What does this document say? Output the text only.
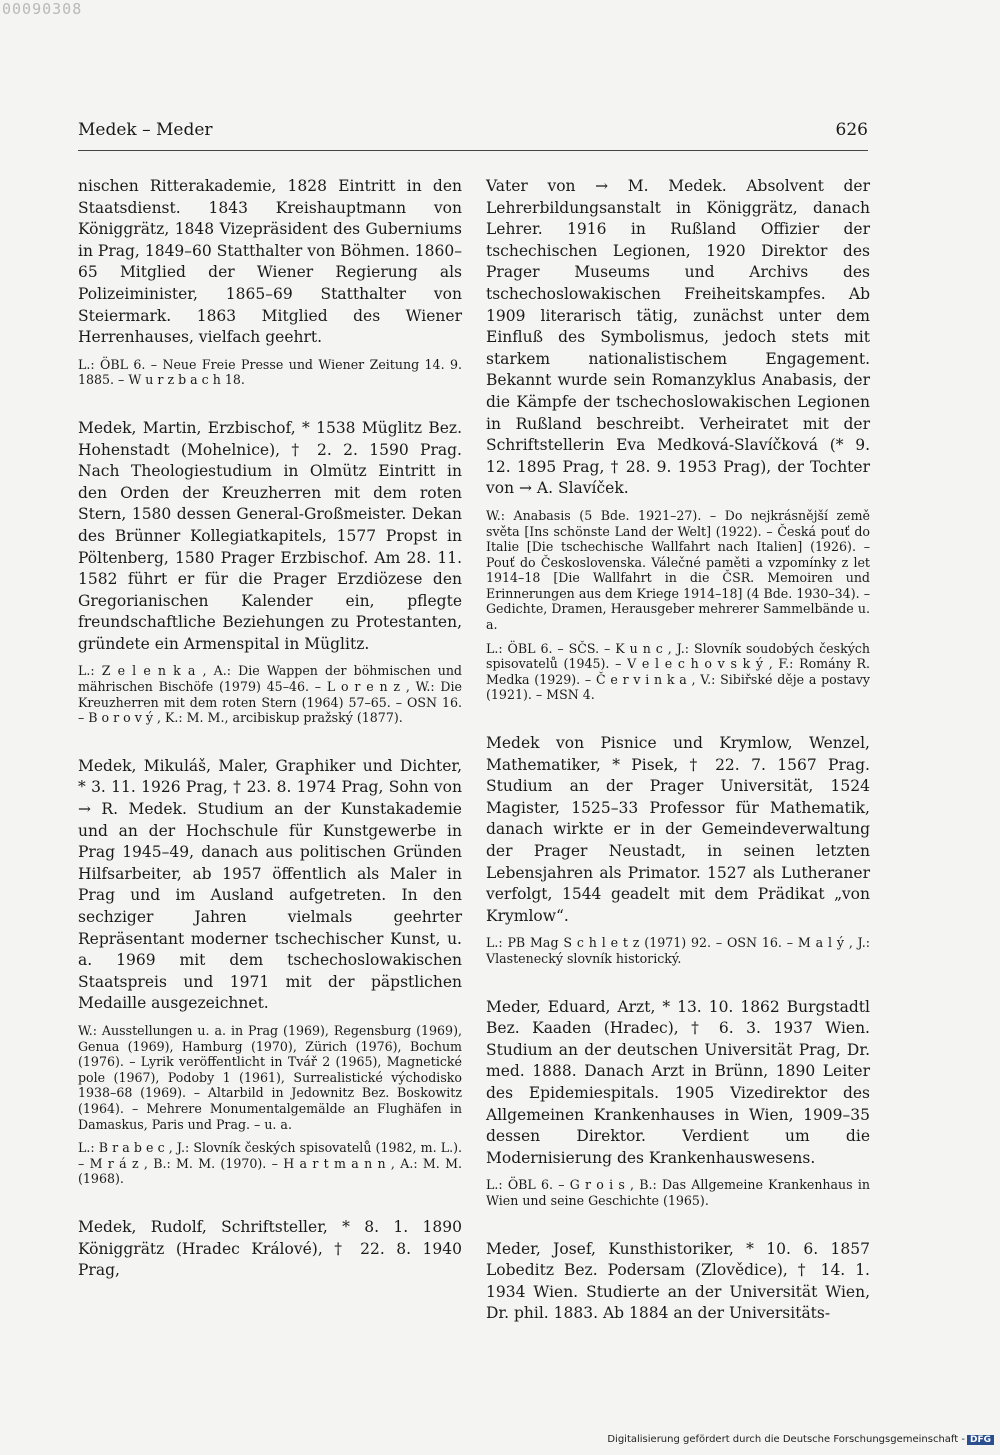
00090308
Medek – Meder	626

nischen Ritterakademie, 1828 Eintritt in den Staatsdienst. 1843 Kreishauptmann von Königgrätz, 1848 Vizepräsident des Guberniums in Prag, 1849–60 Statthalter von Böhmen. 1860–65 Mitglied der Wiener Regierung als Polizeiminister, 1865–69 Statthalter von Steiermark. 1863 Mitglied des Wiener Herrenhauses, vielfach geehrt.

L.: ÖBL 6. – Neue Freie Presse und Wiener Zeitung 14. 9. 1885. – W u r z b a c h 18.

Medek, Martin, Erzbischof, * 1538 Müglitz Bez. Hohenstadt (Mohelnice), † 2. 2. 1590 Prag. Nach Theologiestudium in Olmütz Eintritt in den Orden der Kreuzherren mit dem roten Stern, 1580 dessen General-Großmeister. Dekan des Brünner Kollegiatkapitels, 1577 Propst in Pöltenberg, 1580 Prager Erzbischof. Am 28. 11. 1582 führt er für die Prager Erzdiözese den Gregorianischen Kalender ein, pflegte freundschaftliche Beziehungen zu Protestanten, gründete ein Armenspital in Müglitz.

L.: Z e l e n k a , A.: Die Wappen der böhmischen und mährischen Bischöfe (1979) 45–46. – L o r e n z , W.: Die Kreuzherren mit dem roten Stern (1964) 57–65. – OSN 16. – B o r o v ý , K.: M. M., arcibiskup pražský (1877).

Medek, Mikuláš, Maler, Graphiker und Dichter, * 3. 11. 1926 Prag, † 23. 8. 1974 Prag, Sohn von → R. Medek. Studium an der Kunstakademie und an der Hochschule für Kunstgewerbe in Prag 1945–49, danach aus politischen Gründen Hilfsarbeiter, ab 1957 öffentlich als Maler in Prag und im Ausland aufgetreten. In den sechziger Jahren vielmals geehrter Repräsentant moderner tschechischer Kunst, u. a. 1969 mit dem tschechoslowakischen Staatspreis und 1971 mit der päpstlichen Medaille ausgezeichnet.

W.: Ausstellungen u. a. in Prag (1969), Regensburg (1969), Genua (1969), Hamburg (1970), Zürich (1976), Bochum (1976). – Lyrik veröffentlicht in Tvář 2 (1965), Magnetické pole (1967), Podoby 1 (1961), Surrealistické východisko 1938–68 (1969). – Altarbild in Jedownitz Bez. Boskowitz (1964). – Mehrere Monumentalgemälde an Flughäfen in Damaskus, Paris und Prag. – u. a.

L.: B r a b e c , J.: Slovník českých spisovatelů (1982, m. L.). – M r á z , B.: M. M. (1970). – H a r t m a n n , A.: M. M. (1968).

Medek, Rudolf, Schriftsteller, * 8. 1. 1890 Königgrätz (Hradec Králové), † 22. 8. 1940 Prag,

Vater von → M. Medek. Absolvent der Lehrerbildungsanstalt in Königgrätz, danach Lehrer. 1916 in Rußland Offizier der tschechischen Legionen, 1920 Direktor des Prager Museums und Archivs des tschechoslowakischen Freiheitskampfes. Ab 1909 literarisch tätig, zunächst unter dem Einfluß des Symbolismus, jedoch stets mit starkem nationalistischem Engagement. Bekannt wurde sein Romanzyklus Anabasis, der die Kämpfe der tschechoslowakischen Legionen in Rußland beschreibt. Verheiratet mit der Schriftstellerin Eva Medková-Slavíčková (* 9. 12. 1895 Prag, † 28. 9. 1953 Prag), der Tochter von → A. Slavíček.

W.: Anabasis (5 Bde. 1921–27). – Do nejkrásnější země světa [Ins schönste Land der Welt] (1922). – Česká pouť do Italie [Die tschechische Wallfahrt nach Italien] (1926). – Pouť do Československa. Válečné paměti a vzpomínky z let 1914–18 [Die Wallfahrt in die ČSR. Memoiren und Erinnerungen aus dem Kriege 1914–18] (4 Bde. 1930–34). – Gedichte, Dramen, Herausgeber mehrerer Sammelbände u. a.

L.: ÖBL 6. – SČS. – K u n c , J.: Slovník soudobých českých spisovatelů (1945). – V e l e c h o v s k ý , F.: Romány R. Medka (1929). – Č e r v i n k a , V.: Sibiřské děje a postavy (1921). – MSN 4.

Medek von Pisnice und Krymlow, Wenzel, Mathematiker, * Pisek, † 22. 7. 1567 Prag. Studium an der Prager Universität, 1524 Magister, 1525–33 Professor für Mathematik, danach wirkte er in der Gemeindeverwaltung der Prager Neustadt, in seinen letzten Lebensjahren als Primator. 1527 als Lutheraner verfolgt, 1544 geadelt mit dem Prädikat „von Krymlow“.

L.: PB Mag S c h l e t z (1971) 92. – OSN 16. – M a l ý , J.: Vlastenecký slovník historický.

Meder, Eduard, Arzt, * 13. 10. 1862 Burgstadtl Bez. Kaaden (Hradec), † 6. 3. 1937 Wien. Studium an der deutschen Universität Prag, Dr. med. 1888. Danach Arzt in Brünn, 1890 Leiter des Epidemiespitals. 1905 Vizedirektor des Allgemeinen Krankenhauses in Wien, 1909–35 dessen Direktor. Verdient um die Modernisierung des Krankenhauswesens.

L.: ÖBL 6. – G r o i s , B.: Das Allgemeine Krankenhaus in Wien und seine Geschichte (1965).

Meder, Josef, Kunsthistoriker, * 10. 6. 1857 Lobeditz Bez. Podersam (Zlovědice), † 14. 1. 1934 Wien. Studierte an der Universität Wien, Dr. phil. 1883. Ab 1884 an der Universitäts-

Digitalisierung gefördert durch die Deutsche Forschungsgemeinschaft - DFG
